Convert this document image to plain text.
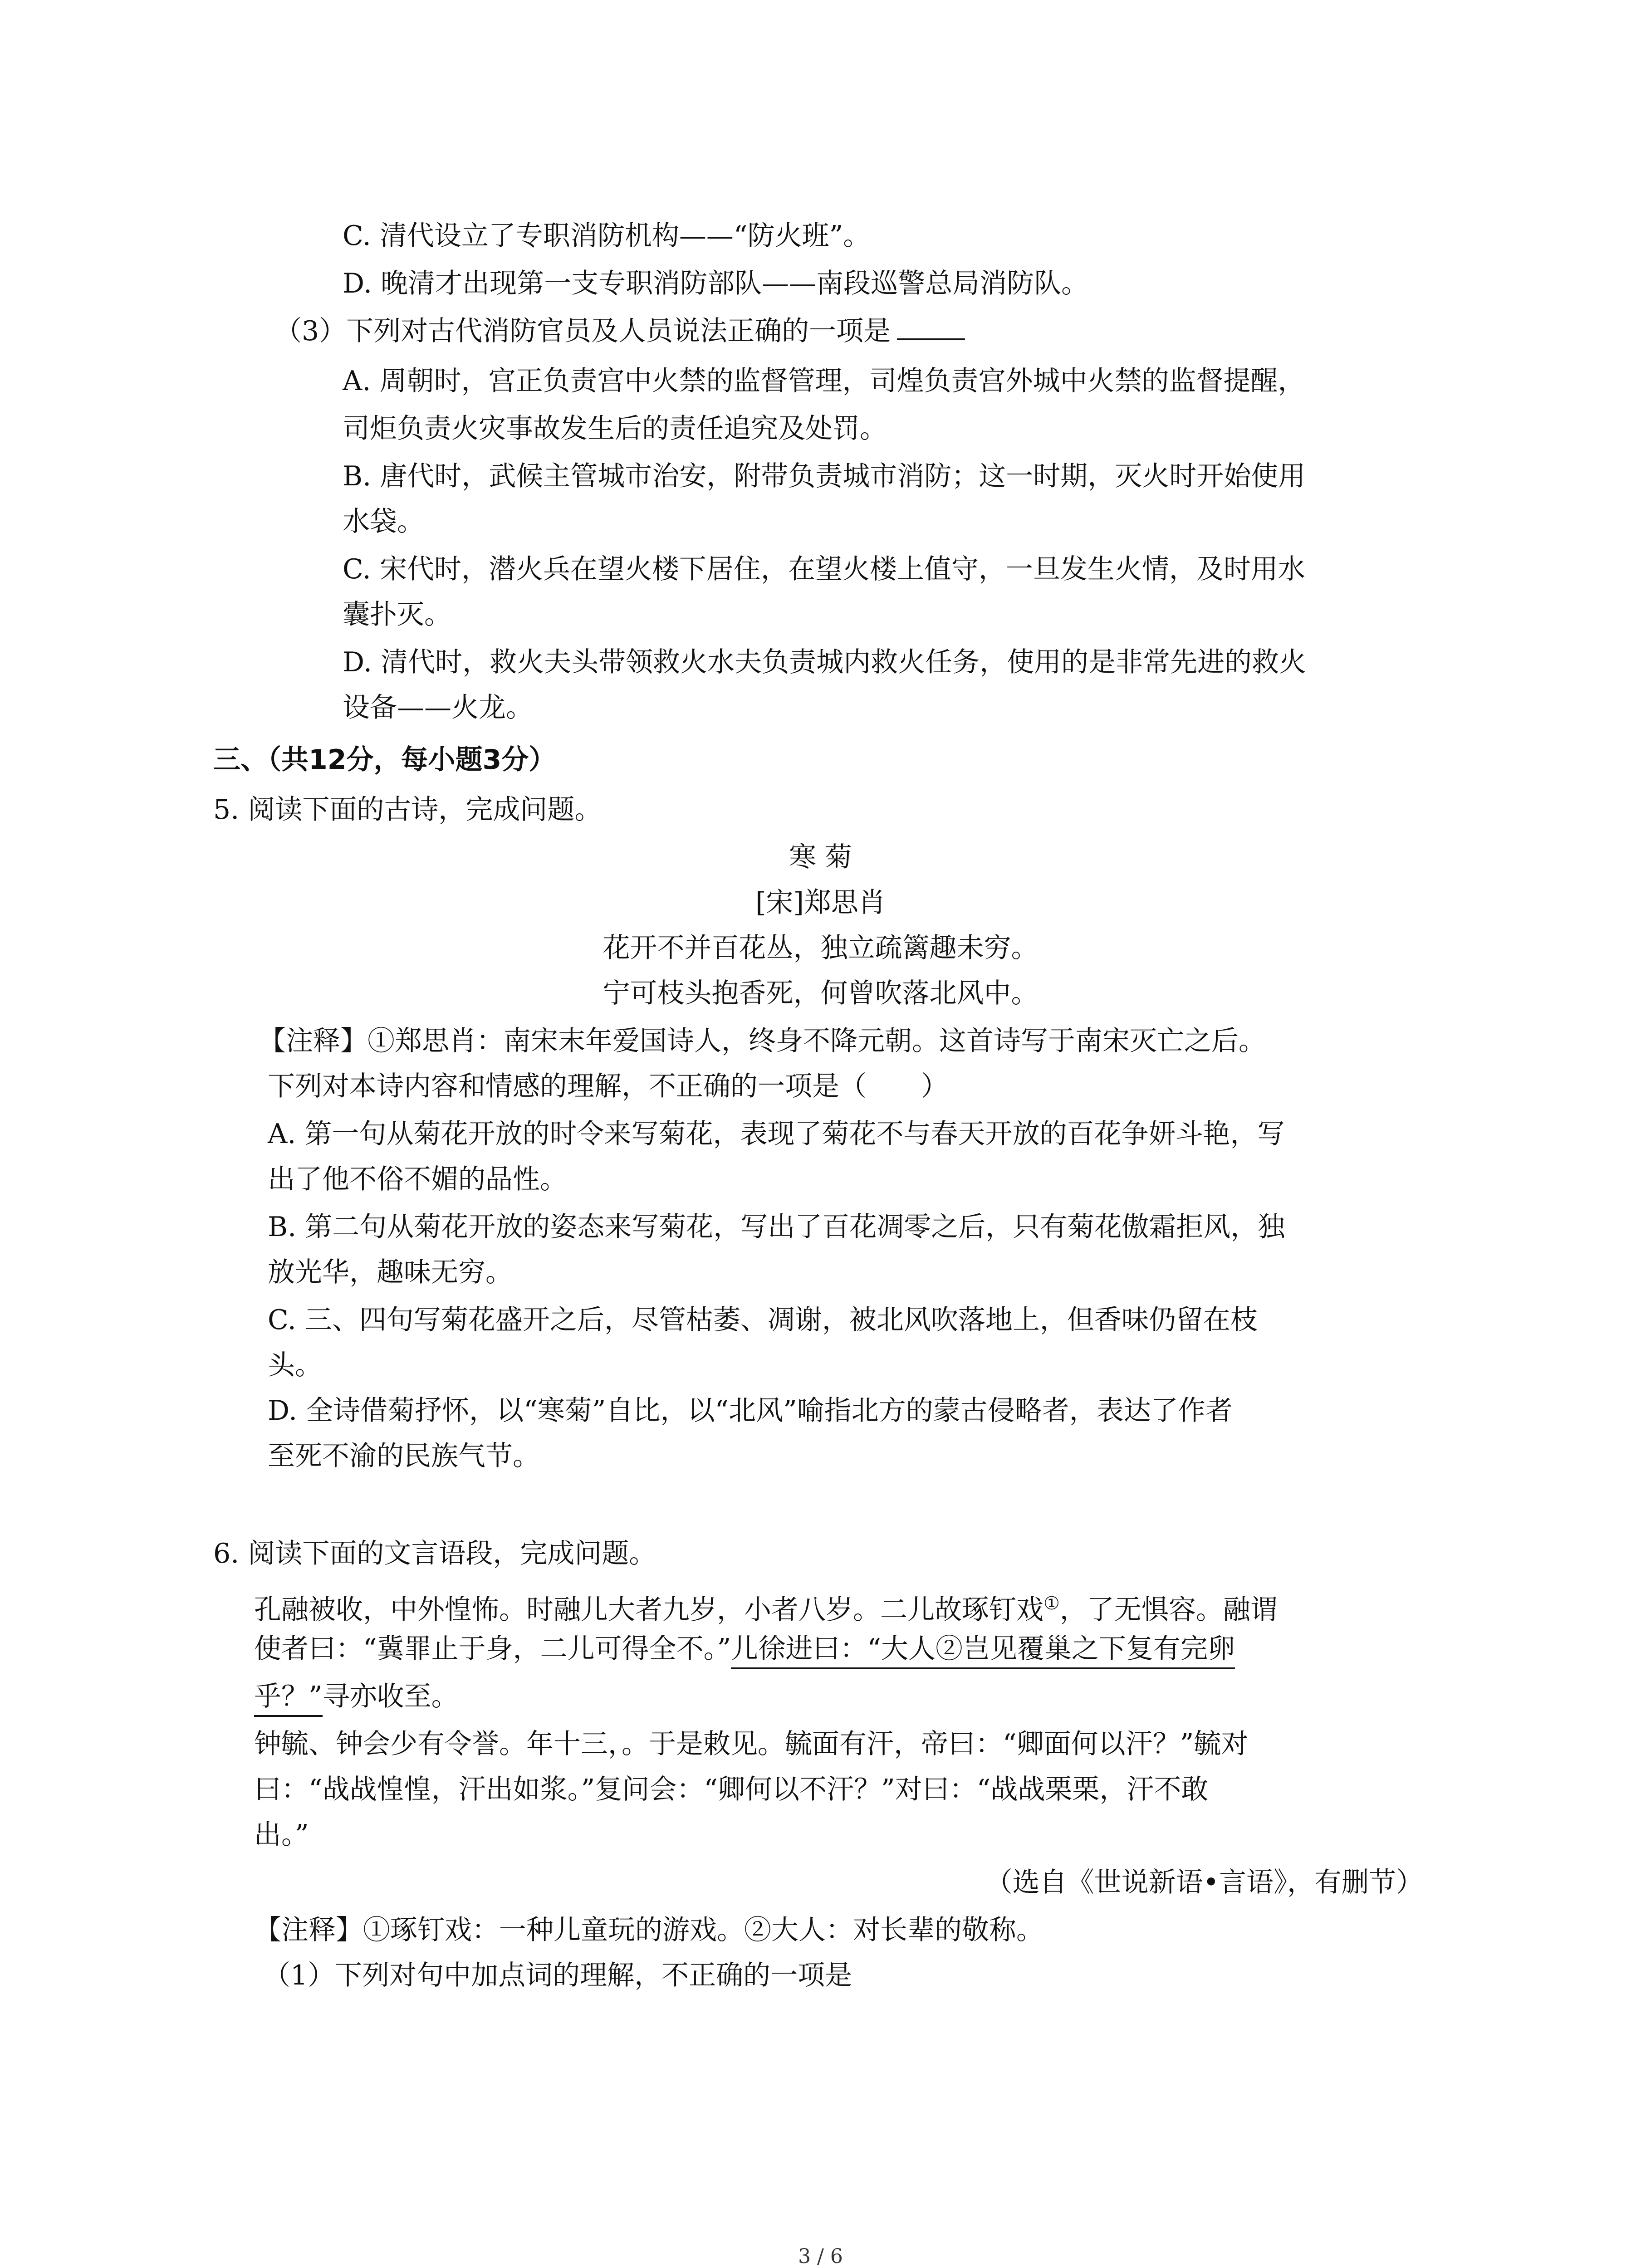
C. 清代设立了专职消防机构——“防火班”。
D. 晚清才出现第一支专职消防部队——南段巡警总局消防队。
（3）下列对古代消防官员及人员说法正确的一项是
A. 周朝时，宫正负责宫中火禁的监督管理，司煌负责宫外城中火禁的监督提醒，
司炬负责火灾事故发生后的责任追究及处罚。
B. 唐代时，武候主管城市治安，附带负责城市消防；这一时期，灭火时开始使用
水袋。
C. 宋代时，潜火兵在望火楼下居住，在望火楼上值守，一旦发生火情，及时用水
囊扑灭。
D. 清代时，救火夫头带领救火水夫负责城内救火任务，使用的是非常先进的救火
设备——火龙。
三、（共12分，每小题3分）
5. 阅读下面的古诗，完成问题。
寒 菊
[宋]郑思肖
花开不并百花丛，独立疏篱趣未穷。
宁可枝头抱香死，何曾吹落北风中。
【注释】①郑思肖：南宋末年爱国诗人，终身不降元朝。这首诗写于南宋灭亡之后。
下列对本诗内容和情感的理解，不正确的一项是（　　）
A. 第一句从菊花开放的时令来写菊花，表现了菊花不与春天开放的百花争妍斗艳，写
出了他不俗不媚的品性。
B. 第二句从菊花开放的姿态来写菊花，写出了百花凋零之后，只有菊花傲霜拒风，独
放光华，趣味无穷。
C. 三、四句写菊花盛开之后，尽管枯萎、凋谢，被北风吹落地上，但香味仍留在枝
头。
D. 全诗借菊抒怀，以“寒菊”自比，以“北风”喻指北方的蒙古侵略者，表达了作者
至死不渝的民族气节。
6. 阅读下面的文言语段，完成问题。
孔融被收，中外惶怖。时融儿大者九岁，小者八岁。二儿故琢钉戏①，了无惧容。融谓
使者曰：“冀罪止于身，二儿可得全不。”儿徐进曰：“大人②岂见覆巢之下复有完卵
乎？”寻亦收至。
钟毓、钟会少有令誉。年十三，。于是敕见。毓面有汗，帝曰：“卿面何以汗？”毓对
曰：“战战惶惶，汗出如浆。”复问会：“卿何以不汗？”对曰：“战战栗栗，汗不敢
出。”
（选自《世说新语•言语》，有删节）
【注释】①琢钉戏：一种儿童玩的游戏。②大人：对长辈的敬称。
（1）下列对句中加点词的理解，不正确的一项是
3 / 6
